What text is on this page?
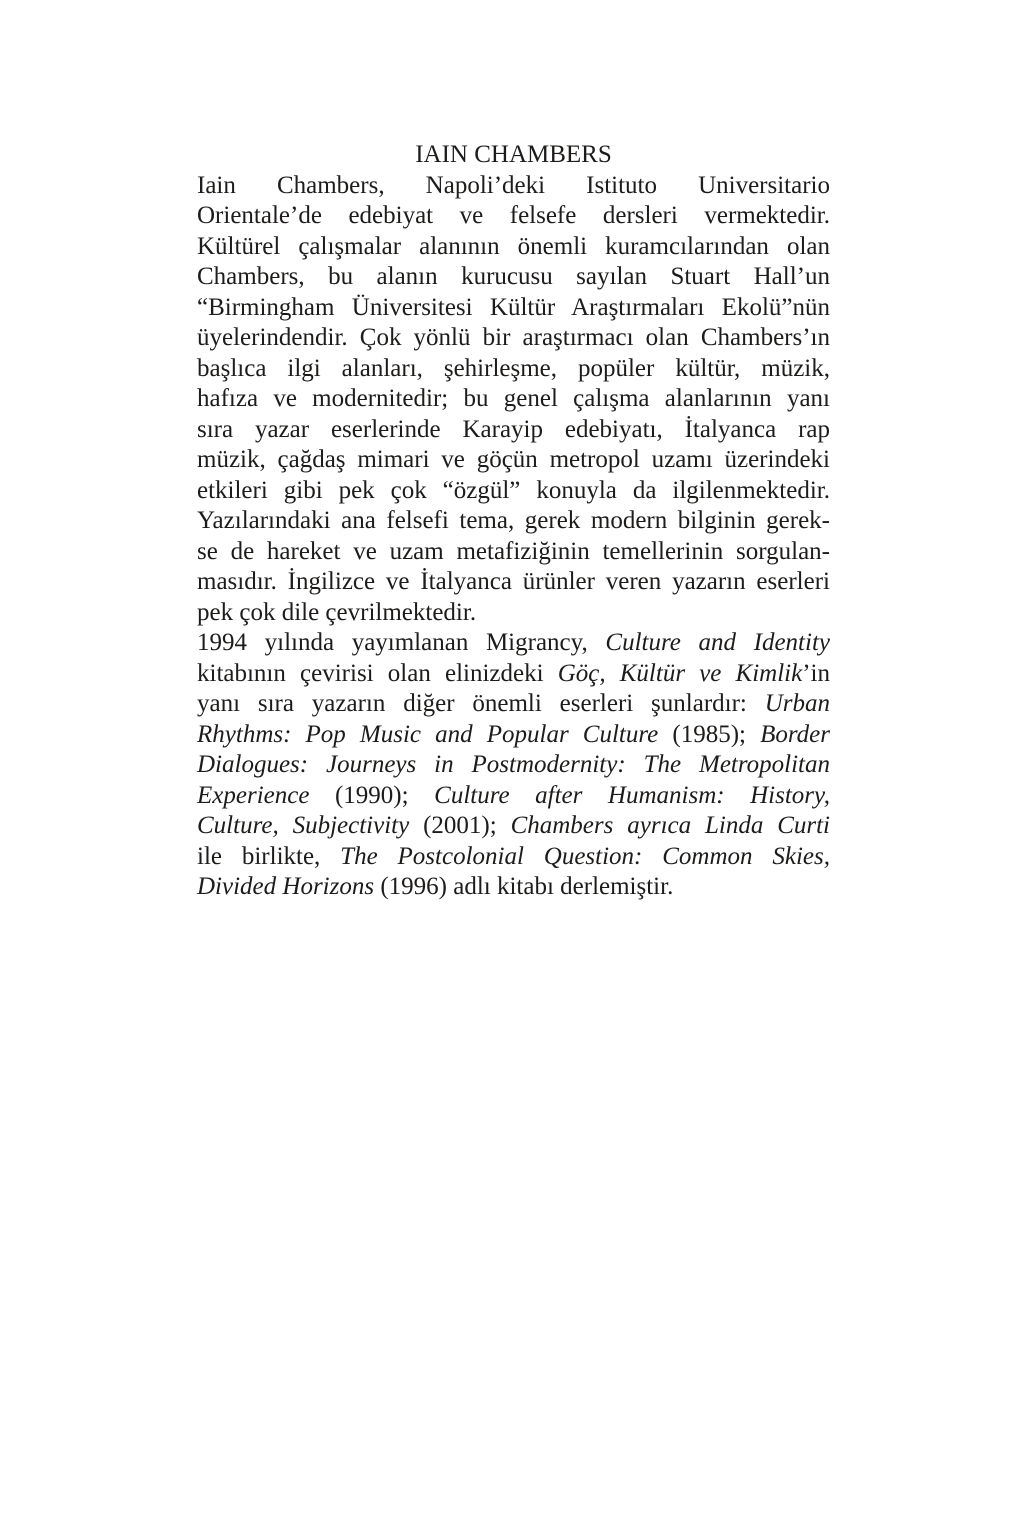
IAIN CHAMBERS
Iain Chambers, Napoli’deki Istituto Universitario
Orientale’de edebiyat ve felsefe dersleri vermektedir.
Kültürel çalışmalar alanının önemli kuramcılarından olan
Chambers, bu alanın kurucusu sayılan Stuart Hall’un
“Birmingham Üniversitesi Kültür Araştırmaları Ekolü”nün
üyelerindendir. Çok yönlü bir araştırmacı olan Chambers’ın
başlıca ilgi alanları, şehirleşme, popüler kültür, müzik,
hafıza ve modernitedir; bu genel çalışma alanlarının yanı
sıra yazar eserlerinde Karayip edebiyatı, İtalyanca rap
müzik, çağdaş mimari ve göçün metropol uzamı üzerindeki
etkileri gibi pek çok “özgül” konuyla da ilgilenmektedir.
Yazılarındaki ana felsefi tema, gerek modern bilginin gerek-
se de hareket ve uzam metafiziğinin temellerinin sorgulan-
masıdır. İngilizce ve İtalyanca ürünler veren yazarın eserleri
pek çok dile çevrilmektedir.
1994 yılında yayımlanan Migrancy, Culture and Identity
kitabının çevirisi olan elinizdeki Göç, Kültür ve Kimlik’in
yanı sıra yazarın diğer önemli eserleri şunlardır: Urban
Rhythms: Pop Music and Popular Culture (1985); Border
Dialogues: Journeys in Postmodernity: The Metropolitan
Experience (1990); Culture after Humanism: History,
Culture, Subjectivity (2001); Chambers ayrıca Linda Curti
ile birlikte, The Postcolonial Question: Common Skies,
Divided Horizons (1996) adlı kitabı derlemiştir.
